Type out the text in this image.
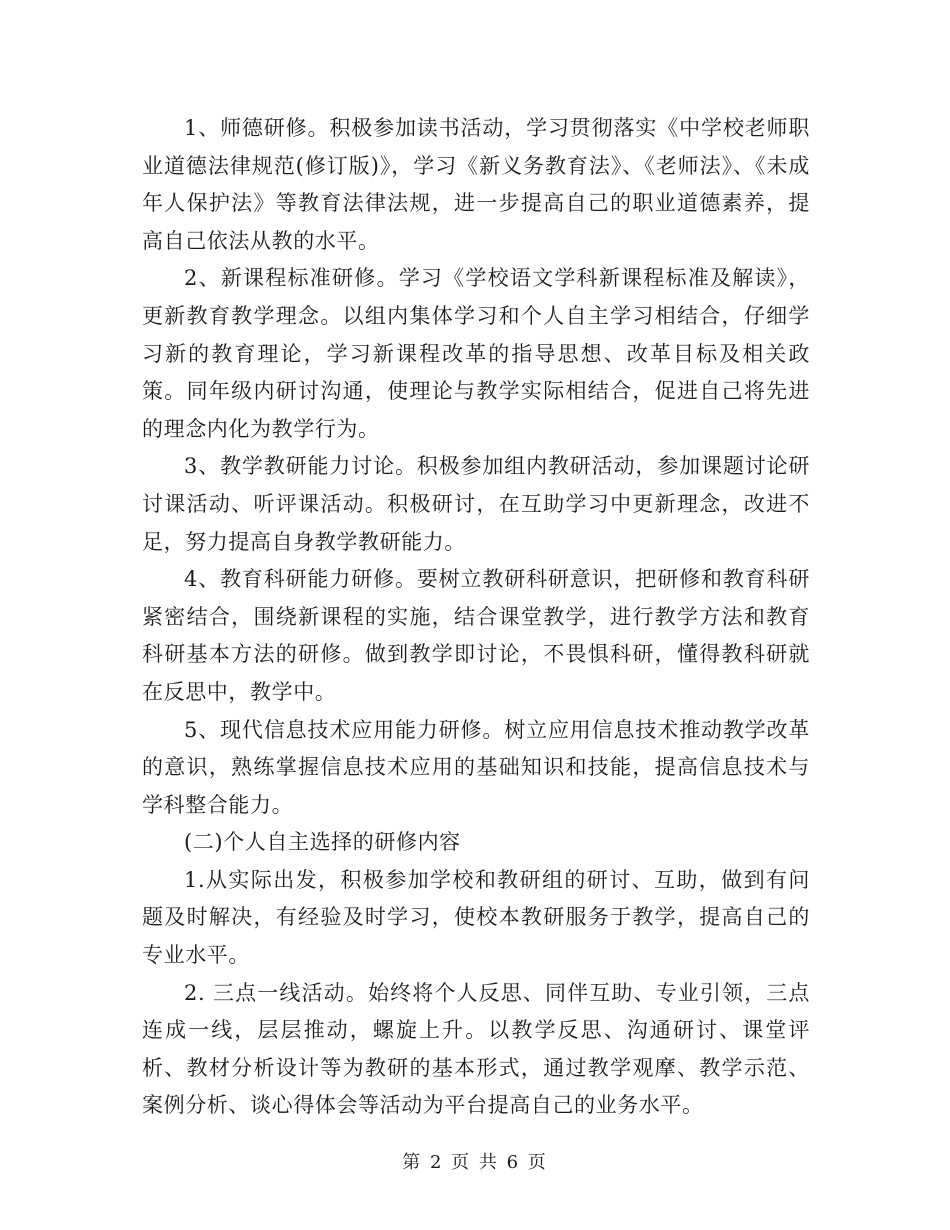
1、师德研修。积极参加读书活动，学习贯彻落实《中学校老师职业道德法律规范(修订版)》，学习《新义务教育法》、《老师法》、《未成年人保护法》等教育法律法规，进一步提高自己的职业道德素养，提高自己依法从教的水平。

2、新课程标准研修。学习《学校语文学科新课程标准及解读》，更新教育教学理念。以组内集体学习和个人自主学习相结合，仔细学习新的教育理论，学习新课程改革的指导思想、改革目标及相关政策。同年级内研讨沟通，使理论与教学实际相结合，促进自己将先进的理念内化为教学行为。

3、教学教研能力讨论。积极参加组内教研活动，参加课题讨论研讨课活动、听评课活动。积极研讨，在互助学习中更新理念，改进不足，努力提高自身教学教研能力。

4、教育科研能力研修。要树立教研科研意识，把研修和教育科研紧密结合，围绕新课程的实施，结合课堂教学，进行教学方法和教育科研基本方法的研修。做到教学即讨论，不畏惧科研，懂得教科研就在反思中，教学中。

5、现代信息技术应用能力研修。树立应用信息技术推动教学改革的意识，熟练掌握信息技术应用的基础知识和技能，提高信息技术与学科整合能力。

(二)个人自主选择的研修内容

1.从实际出发，积极参加学校和教研组的研讨、互助，做到有问题及时解决，有经验及时学习，使校本教研服务于教学，提高自己的专业水平。

2. 三点一线活动。始终将个人反思、同伴互助、专业引领，三点连成一线，层层推动，螺旋上升。以教学反思、沟通研讨、课堂评析、教材分析设计等为教研的基本形式，通过教学观摩、教学示范、案例分析、谈心得体会等活动为平台提高自己的业务水平。

第 2 页 共 6 页
